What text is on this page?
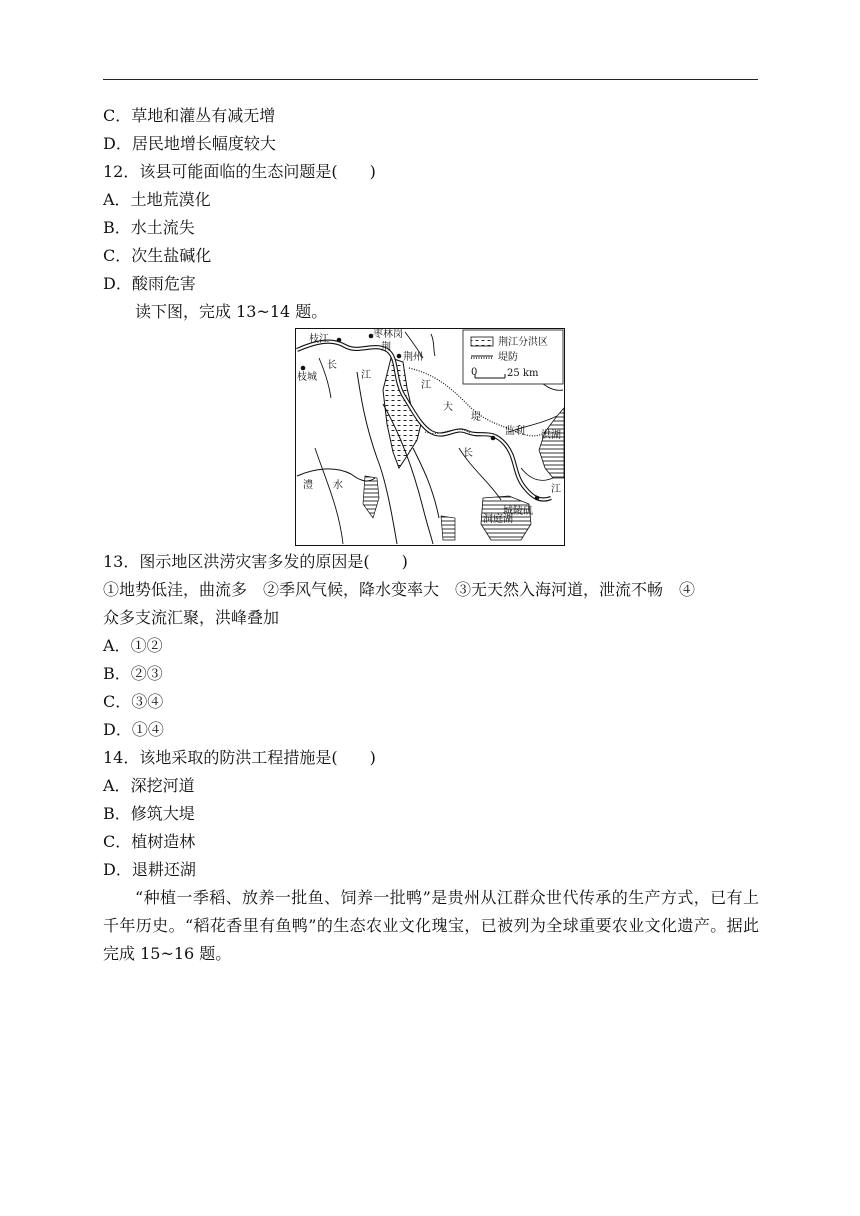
C．草地和灌丛有减无增
D．居民地增长幅度较大
12．该县可能面临的生态问题是(　　)
A．土地荒漠化
B．水土流失
C．次生盐碱化
D．酸雨危害
读下图，完成 13~14 题。
枝江	枣林岗
荆
荆州
枝城
长
江
江
大
堤
监利 洪湖
长
江
澧 水
洞庭湖
城陵矶
荆江分洪区
堤防
0	25 km
13．图示地区洪涝灾害多发的原因是(　　)
①地势低洼，曲流多　②季风气候，降水变率大　③无天然入海河道，泄流不畅　④
众多支流汇聚，洪峰叠加
A．①②
B．②③
C．③④
D．①④
14．该地采取的防洪工程措施是(　　)
A．深挖河道
B．修筑大堤
C．植树造林
D．退耕还湖
“种植一季稻、放养一批鱼、饲养一批鸭”是贵州从江群众世代传承的生产方式，已有上千年历史。“稻花香里有鱼鸭”的生态农业文化瑰宝，已被列为全球重要农业文化遗产。据此完成 15~16 题。
